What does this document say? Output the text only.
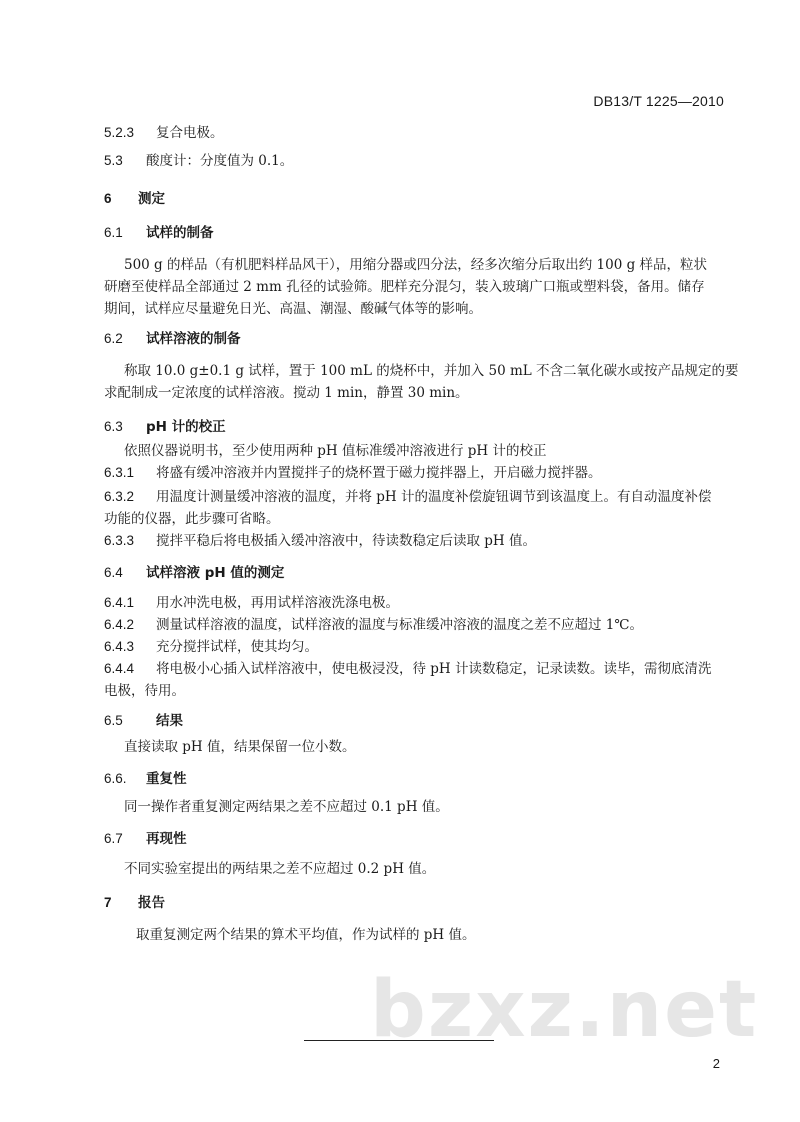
DB13/T 1225—2010
5.2.3 复合电极。
5.3 酸度计：分度值为 0.1。
6 测定
6.1 试样的制备
500 g 的样品（有机肥料样品风干），用缩分器或四分法，经多次缩分后取出约 100 g 样品，粒状
研磨至使样品全部通过 2 mm 孔径的试验筛。肥样充分混匀，装入玻璃广口瓶或塑料袋，备用。储存
期间，试样应尽量避免日光、高温、潮湿、酸碱气体等的影响。
6.2 试样溶液的制备
称取 10.0 g±0.1 g 试样，置于 100 mL 的烧杯中，并加入 50 mL 不含二氧化碳水或按产品规定的要
求配制成一定浓度的试样溶液。搅动 1 min，静置 30 min。
6.3 pH 计的校正
依照仪器说明书，至少使用两种 pH 值标准缓冲溶液进行 pH 计的校正
6.3.1 将盛有缓冲溶液并内置搅拌子的烧杯置于磁力搅拌器上，开启磁力搅拌器。
6.3.2 用温度计测量缓冲溶液的温度，并将 pH 计的温度补偿旋钮调节到该温度上。有自动温度补偿
功能的仪器，此步骤可省略。
6.3.3 搅拌平稳后将电极插入缓冲溶液中，待读数稳定后读取 pH 值。
6.4 试样溶液 pH 值的测定
6.4.1 用水冲洗电极，再用试样溶液洗涤电极。
6.4.2 测量试样溶液的温度，试样溶液的温度与标准缓冲溶液的温度之差不应超过 1℃。
6.4.3 充分搅拌试样，使其均匀。
6.4.4 将电极小心插入试样溶液中，使电极浸没，待 pH 计读数稳定，记录读数。读毕，需彻底清洗
电极，待用。
6.5 结果
直接读取 pH 值，结果保留一位小数。
6.6. 重复性
同一操作者重复测定两结果之差不应超过 0.1 pH 值。
6.7 再现性
不同实验室提出的两结果之差不应超过 0.2 pH 值。
7 报告
取重复测定两个结果的算术平均值，作为试样的 pH 值。
bzxz.net
2
